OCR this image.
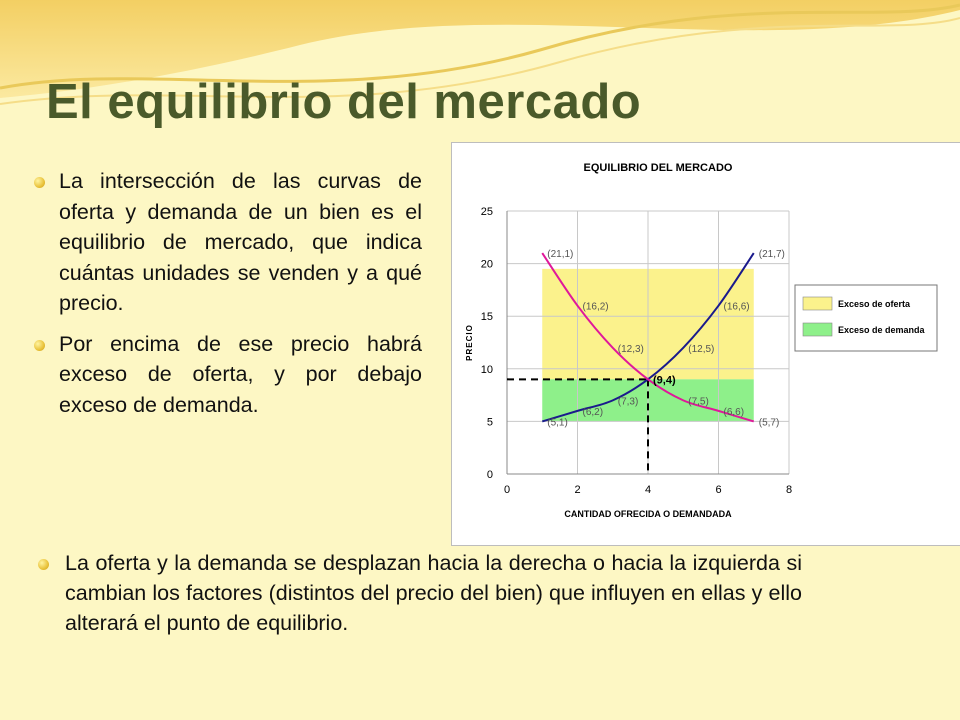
El equilibrio del mercado
La intersección de las curvas de oferta y demanda de un bien es el equilibrio de mercado, que indica cuántas unidades se venden y a qué precio.
Por encima de ese precio habrá exceso de oferta, y por debajo exceso de demanda.
La oferta y la demanda se desplazan hacia la derecha o hacia la izquierda si cambian los factores (distintos del precio del bien) que influyen en ellas y ello alterará el punto de equilibrio.
EQUILIBRIO DEL MERCADO
0	2	4	6	8
0
5
10
15
20
25
CANTIDAD OFRECIDA O DEMANDADA
PRECIO
(21,1)
(16,2)
(12,3)
(21,7)
(16,6)
(12,5)
(5,1)
(6,2)
(7,3)	(7,5)
(6,6)
(5,7)
(9,4)
Exceso de oferta
Exceso de demanda
